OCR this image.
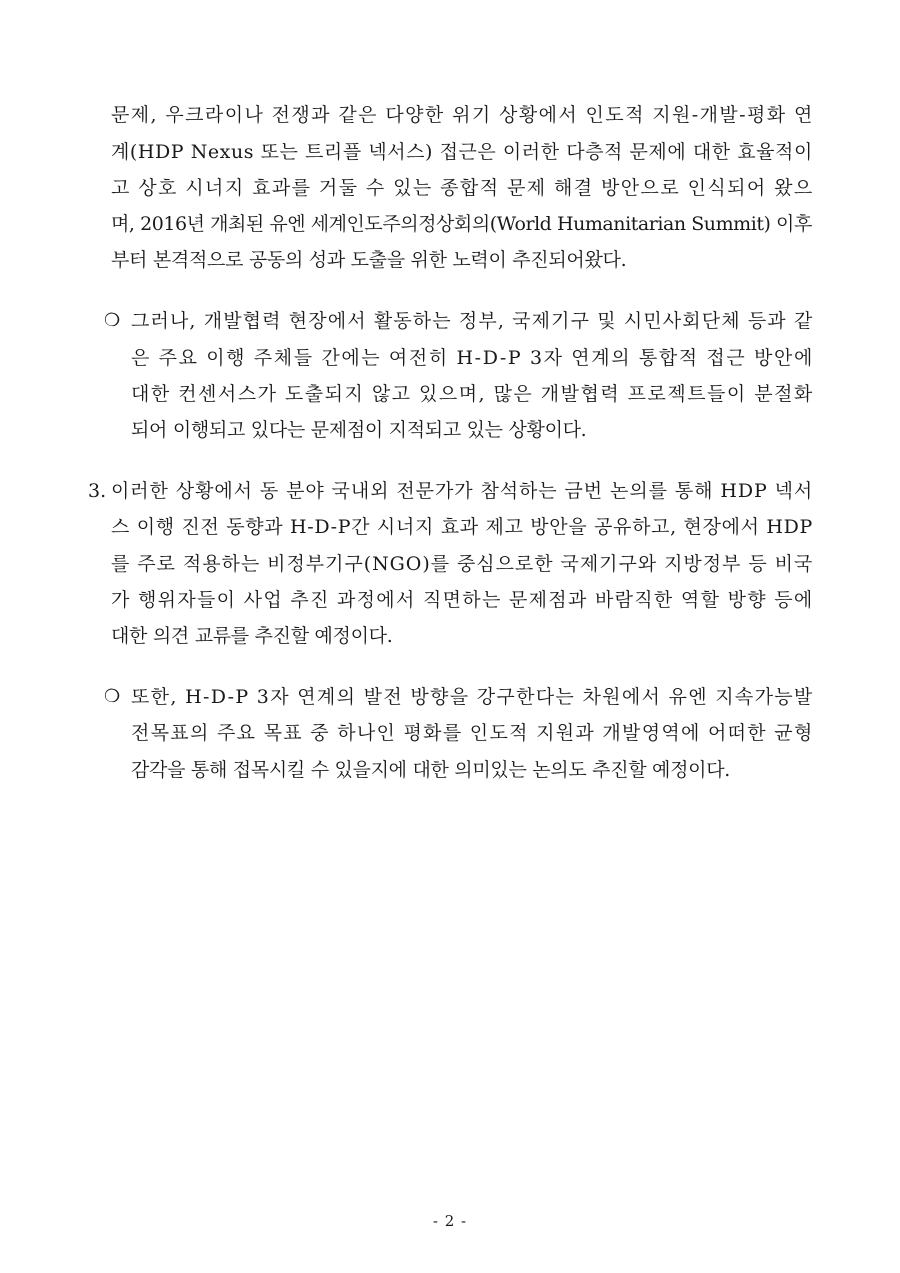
문제, 우크라이나 전쟁과 같은 다양한 위기 상황에서 인도적 지원-개발-평화 연
계(HDP Nexus 또는 트리플 넥서스) 접근은 이러한 다층적 문제에 대한 효율적이
고 상호 시너지 효과를 거둘 수 있는 종합적 문제 해결 방안으로 인식되어 왔으
며, 2016년 개최된 유엔 세계인도주의정상회의(World Humanitarian Summit) 이후
부터 본격적으로 공동의 성과 도출을 위한 노력이 추진되어왔다.
❍ 그러나, 개발협력 현장에서 활동하는 정부, 국제기구 및 시민사회단체 등과 같
은 주요 이행 주체들 간에는 여전히 H-D-P 3자 연계의 통합적 접근 방안에
대한 컨센서스가 도출되지 않고 있으며, 많은 개발협력 프로젝트들이 분절화
되어 이행되고 있다는 문제점이 지적되고 있는 상황이다.
3. 이러한 상황에서 동 분야 국내외 전문가가 참석하는 금번 논의를 통해 HDP 넥서
스 이행 진전 동향과 H-D-P간 시너지 효과 제고 방안을 공유하고, 현장에서 HDP
를 주로 적용하는 비정부기구(NGO)를 중심으로한 국제기구와 지방정부 등 비국
가 행위자들이 사업 추진 과정에서 직면하는 문제점과 바람직한 역할 방향 등에
대한 의견 교류를 추진할 예정이다.
❍ 또한, H-D-P 3자 연계의 발전 방향을 강구한다는 차원에서 유엔 지속가능발
전목표의 주요 목표 중 하나인 평화를 인도적 지원과 개발영역에 어떠한 균형
감각을 통해 접목시킬 수 있을지에 대한 의미있는 논의도 추진할 예정이다.
- 2 -
